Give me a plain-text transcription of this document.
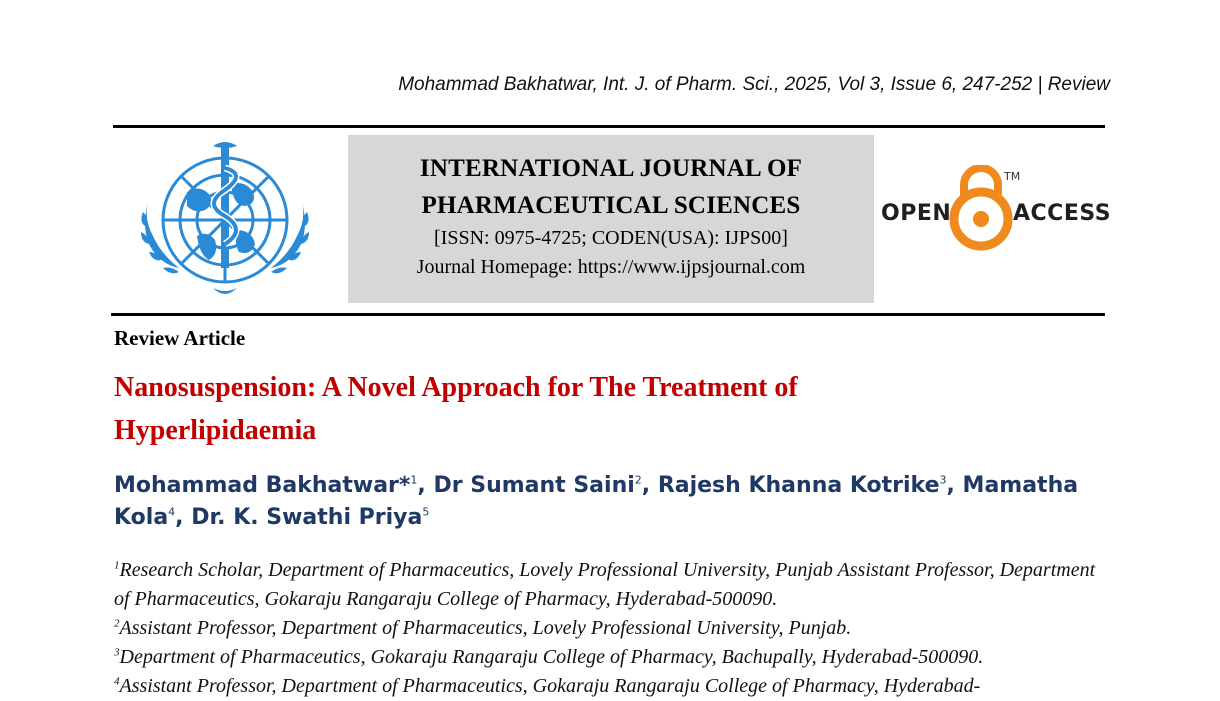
Mohammad Bakhatwar, Int. J. of Pharm. Sci., 2025, Vol 3, Issue 6, 247-252 | Review
INTERNATIONAL JOURNAL OF
PHARMACEUTICAL SCIENCES
[ISSN: 0975-4725; CODEN(USA): IJPS00]
Journal Homepage: https://www.ijpsjournal.com
OPEN	ACCESS
TM
Review Article
Nanosuspension: A Novel Approach for The Treatment of
Hyperlipidaemia
Mohammad Bakhatwar*$^1$, Dr Sumant Saini$^2$, Rajesh Khanna Kotrike$^3$, Mamatha Kola$^4$, Dr. K. Swathi Priya$^5$
$^1$Research Scholar, Department of Pharmaceutics, Lovely Professional University, Punjab Assistant Professor, Department of Pharmaceutics, Gokaraju Rangaraju College of Pharmacy, Hyderabad-500090.
$^2$Assistant Professor, Department of Pharmaceutics, Lovely Professional University, Punjab.
$^3$Department of Pharmaceutics, Gokaraju Rangaraju College of Pharmacy, Bachupally, Hyderabad-500090.
$^4$Assistant Professor, Department of Pharmaceutics, Gokaraju Rangaraju College of Pharmacy, Hyderabad-
